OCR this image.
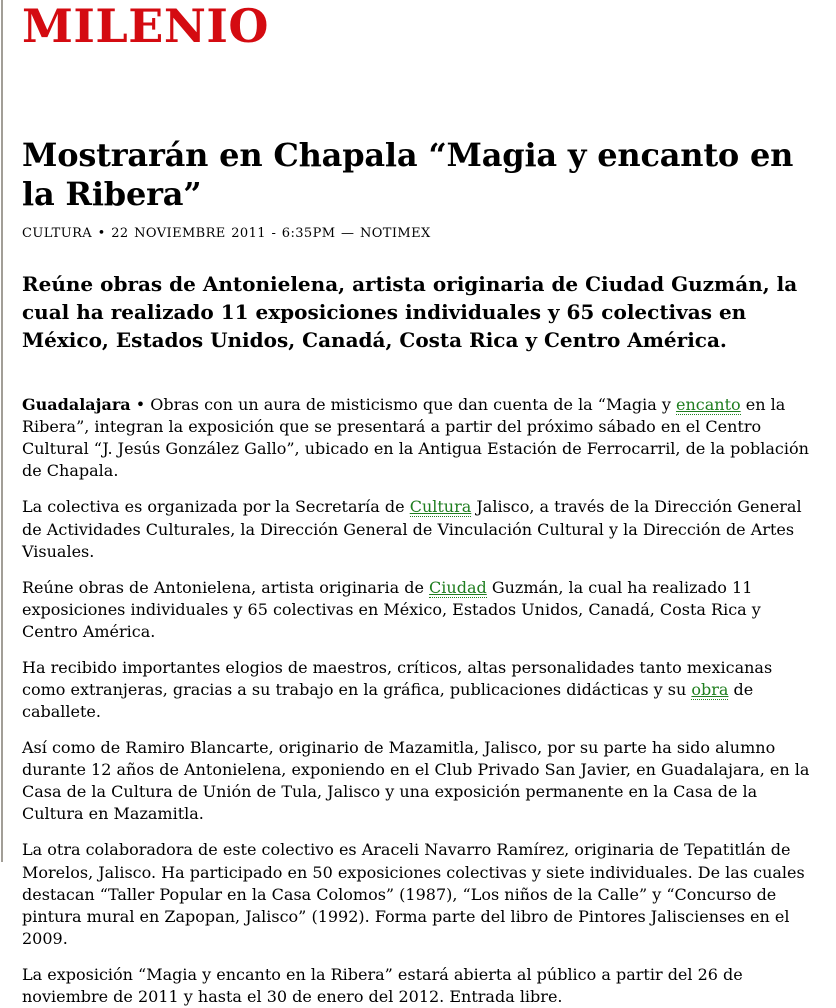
MILENIO
Mostrarán en Chapala “Magia y encanto en la Ribera”
CULTURA • 22 NOVIEMBRE 2011 - 6:35PM — NOTIMEX
Reúne obras de Antonielena, artista originaria de Ciudad Guzmán, la cual ha realizado 11 exposiciones individuales y 65 colectivas en México, Estados Unidos, Canadá, Costa Rica y Centro América.

Guadalajara • Obras con un aura de misticismo que dan cuenta de la “Magia y encanto en la Ribera”, integran la exposición que se presentará a partir del próximo sábado en el Centro Cultural “J. Jesús González Gallo”, ubicado en la Antigua Estación de Ferrocarril, de la población de Chapala.

La colectiva es organizada por la Secretaría de Cultura Jalisco, a través de la Dirección General de Actividades Culturales, la Dirección General de Vinculación Cultural y la Dirección de Artes Visuales.

Reúne obras de Antonielena, artista originaria de Ciudad Guzmán, la cual ha realizado 11 exposiciones individuales y 65 colectivas en México, Estados Unidos, Canadá, Costa Rica y Centro América.

Ha recibido importantes elogios de maestros, críticos, altas personalidades tanto mexicanas como extranjeras, gracias a su trabajo en la gráfica, publicaciones didácticas y su obra de caballete.

Así como de Ramiro Blancarte, originario de Mazamitla, Jalisco, por su parte ha sido alumno durante 12 años de Antonielena, exponiendo en el Club Privado San Javier, en Guadalajara, en la Casa de la Cultura de Unión de Tula, Jalisco y una exposición permanente en la Casa de la Cultura en Mazamitla.

La otra colaboradora de este colectivo es Araceli Navarro Ramírez, originaria de Tepatitlán de Morelos, Jalisco. Ha participado en 50 exposiciones colectivas y siete individuales. De las cuales destacan “Taller Popular en la Casa Colomos” (1987), “Los niños de la Calle” y “Concurso de pintura mural en Zapopan, Jalisco” (1992). Forma parte del libro de Pintores Jaliscienses en el 2009.

La exposición “Magia y encanto en la Ribera” estará abierta al público a partir del 26 de noviembre de 2011 y hasta el 30 de enero del 2012. Entrada libre.
